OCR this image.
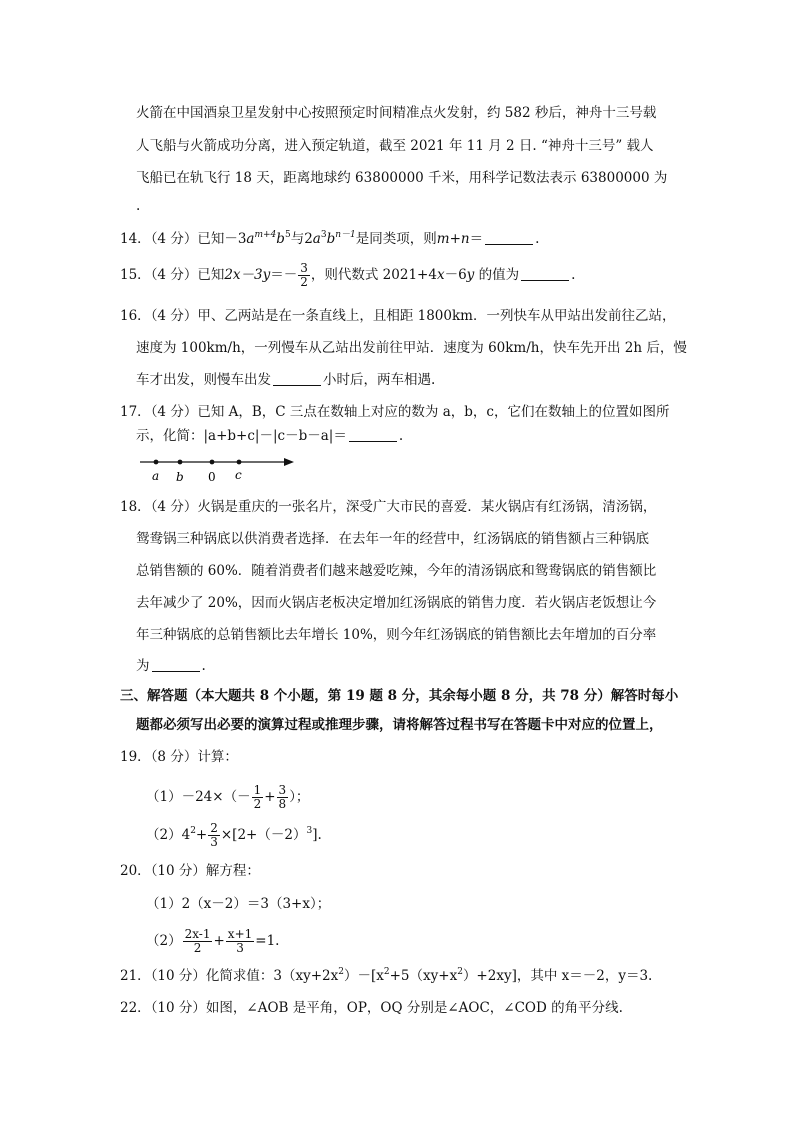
火箭在中国酒泉卫星发射中心按照预定时间精准点火发射，约 582 秒后，神舟十三号载
人飞船与火箭成功分离，进入预定轨道，截至 2021 年 11 月 2 日. “神舟十三号” 载人
飞船已在轨飞行 18 天，距离地球约 63800000 千米，用科学记数法表示 63800000 为
.
14．（4 分）已知$-3a^{m+4}b^5$与$2a^3b^{n-1}$是同类项，则m+n＝	.
15．（4 分）已知$2x-3y=- \frac{3}{2}$ ，则代数式 2021+4x－6y 的值为	.
16．（4 分）甲、乙两站是在一条直线上，且相距 1800km．一列快车从甲站出发前往乙站，
速度为 100km/h，一列慢车从乙站出发前往甲站．速度为 60km/h，快车先开出 2h 后，慢
车才出发，则慢车出发	小时后，两车相遇.
17．（4 分）已知 A，B，C 三点在数轴上对应的数为 a，b，c，它们在数轴上的位置如图所
示，化简：|a+b+c|－|c－b－a|＝	.
a b 0 c
18．（4 分）火锅是重庆的一张名片，深受广大市民的喜爱．某火锅店有红汤锅，清汤锅，
鸳鸯锅三种锅底以供消费者选择．在去年一年的经营中，红汤锅底的销售额占三种锅底
总销售额的 60%．随着消费者们越来越爱吃辣，今年的清汤锅底和鸳鸯锅底的销售额比
去年减少了 20%，因而火锅店老板决定增加红汤锅底的销售力度．若火锅店老饭想让今
年三种锅底的总销售额比去年增长 10%，则今年红汤锅底的销售额比去年增加的百分率
为	.
三、解答题（本大题共 8 个小题，第 19 题 8 分，其余每小题 8 分，共 78 分）解答时每小
题都必须写出必要的演算过程或推理步骤，请将解答过程书写在答题卡中对应的位置上，
19．（8 分）计算：
$(1)-24\times(- \frac{1}{2} + \frac{3}{8}$ ）；
$(2)4^2+ \frac{2}{3} \times[2+(-2)^3]$.
20．（10 分）解方程：
（1）2（x－2）＝3（3+x）；
$(2) \frac{2x-1}{2} + \frac{x+1}{3} =1$.
21．（10 分）化简求值：$3(xy+2x^2)-[x^2+5(xy+x^2)+2xy]$，其中 x＝－2，y＝3.
22．（10 分）如图，∠AOB 是平角，OP，OQ 分别是∠AOC，∠COD 的角平分线.
